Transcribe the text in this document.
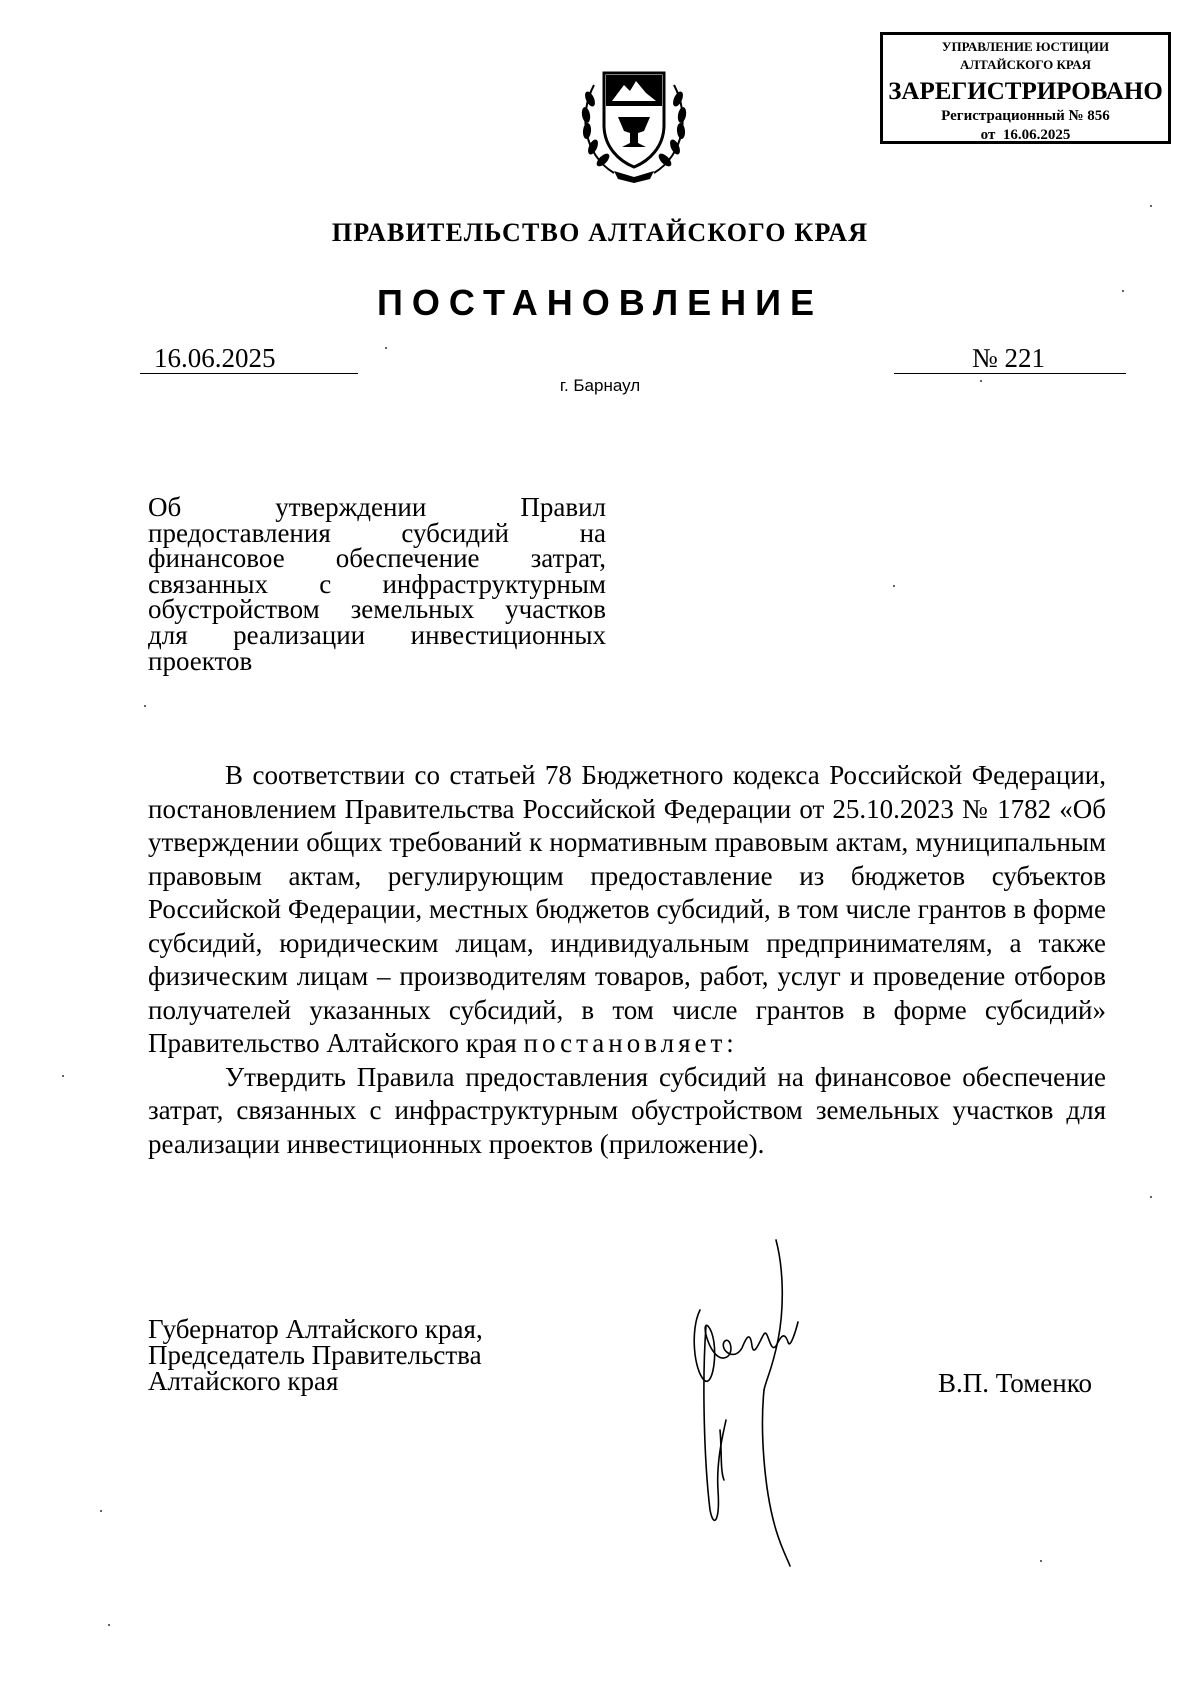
УПРАВЛЕНИЕ ЮСТИЦИИ
АЛТАЙСКОГО КРАЯ
ЗАРЕГИСТРИРОВАНО
Регистрационный № 856
от  16.06.2025
ПРАВИТЕЛЬСТВО АЛТАЙСКОГО КРАЯ
ПОСТАНОВЛЕНИЕ
16.06.2025	№ 221
г. Барнаул
Об утверждении Правил
предоставления субсидий на
финансовое обеспечение затрат,
связанных с инфраструктурным
обустройством земельных участков
для реализации инвестиционных
проектов

В соответствии со статьей 78 Бюджетного кодекса Российской Федерации, постановлением Правительства Российской Федерации от 25.10.2023 № 1782 «Об утверждении общих требований к нормативным правовым актам, муниципальным правовым актам, регулирующим предоставление из бюджетов субъектов Российской Федерации, местных бюджетов субсидий, в том числе грантов в форме субсидий, юридическим лицам, индивидуальным предпринимателям, а также физическим лицам – производителям товаров, работ, услуг и проведение отборов получателей указанных субсидий, в том числе грантов в форме субсидий» Правительство Алтайского края постановляет:

Утвердить Правила предоставления субсидий на финансовое обеспечение затрат, связанных с инфраструктурным обустройством земельных участков для реализации инвестиционных проектов (приложение).

Губернатор Алтайского края,
Председатель Правительства
Алтайского края	В.П. Томенко
